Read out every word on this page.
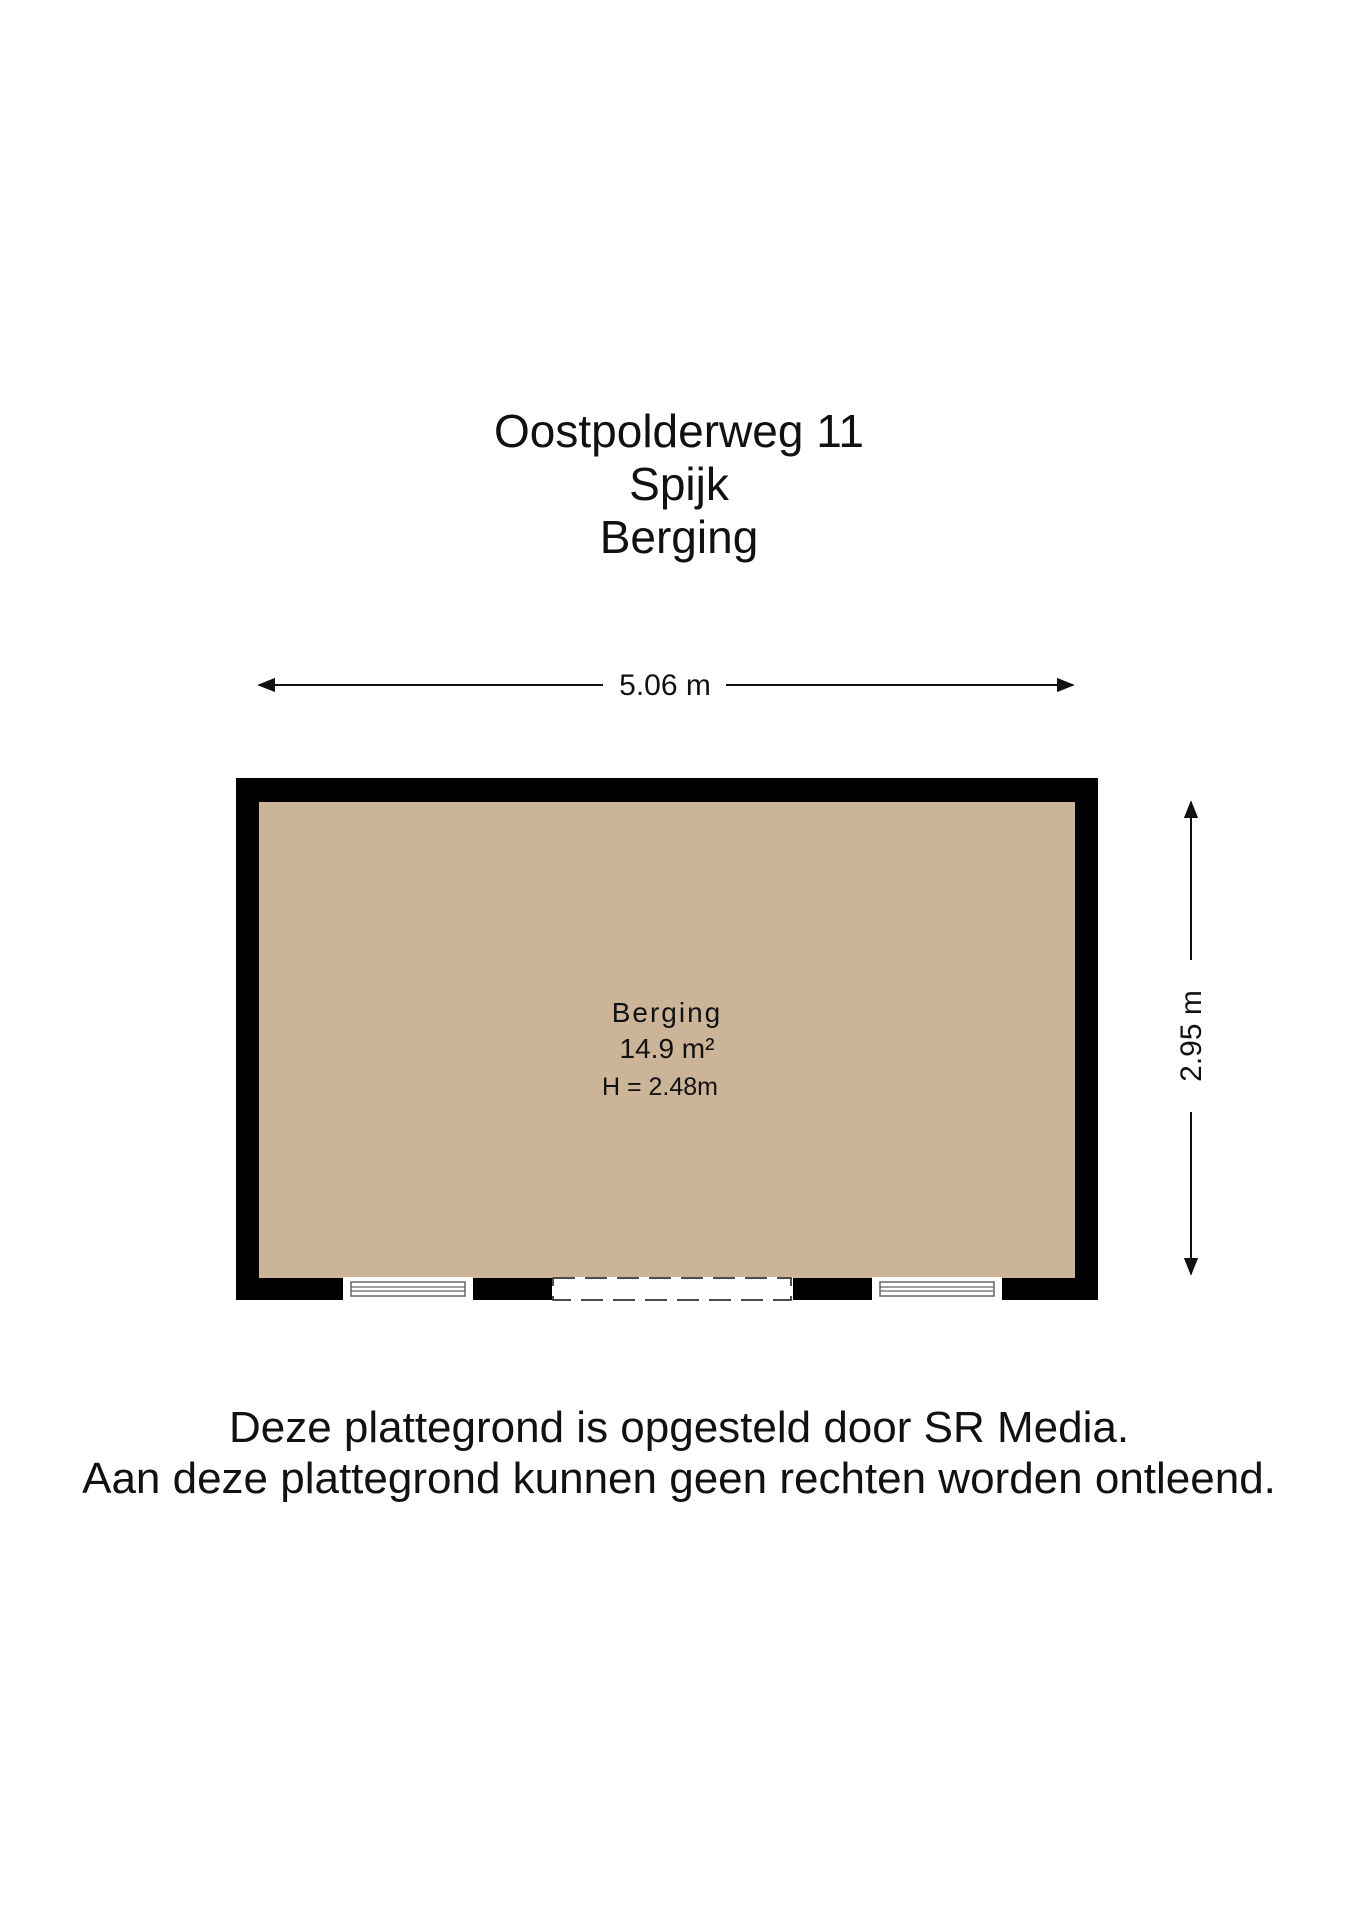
Oostpolderweg 11
Spijk
Berging
5.06 m
2.95 m
Berging
14.9 m²
H = 2.48m
Deze plattegrond is opgesteld door SR Media.
Aan deze plattegrond kunnen geen rechten worden ontleend.
